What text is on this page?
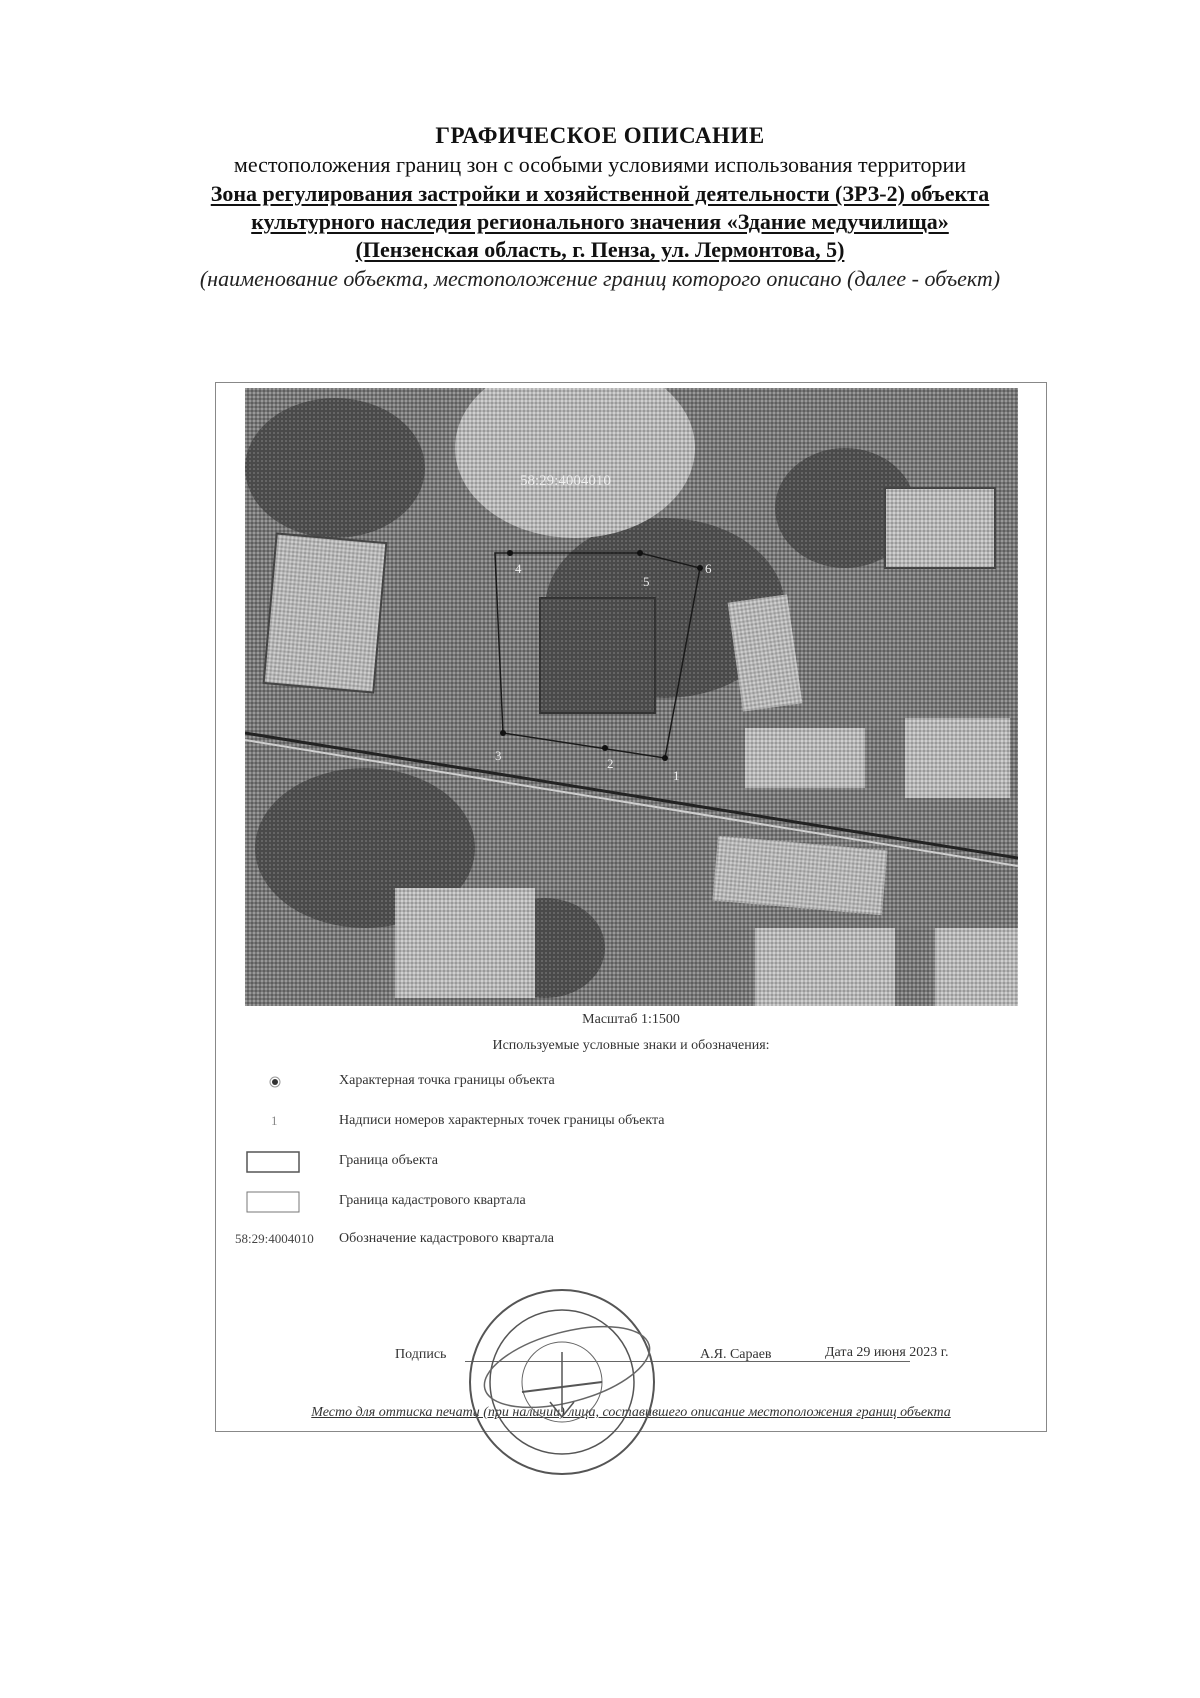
ГРАФИЧЕСКОЕ ОПИСАНИЕ
местоположения границ зон с особыми условиями использования территории
Зона регулирования застройки и хозяйственной деятельности (ЗРЗ-2) объекта
культурного наследия регионального значения «Здание медучилища»
(Пензенская область, г. Пенза, ул. Лермонтова, 5)
(наименование объекта, местоположение границ которого описано (далее - объект)
58:29:4004010
1
2
3
4
5
6
Масштаб 1:1500
Используемые условные знаки и обозначения:
Характерная точка границы объекта
1	Надписи номеров характерных точек границы объекта
Граница объекта
Граница кадастрового квартала
58:29:4004010 Обозначение кадастрового квартала
Подпись	А.Я. Сараев	Дата 29 июня 2023 г.
Место для оттиска печати (при наличии) лица, составившего описание местоположения границ объекта
